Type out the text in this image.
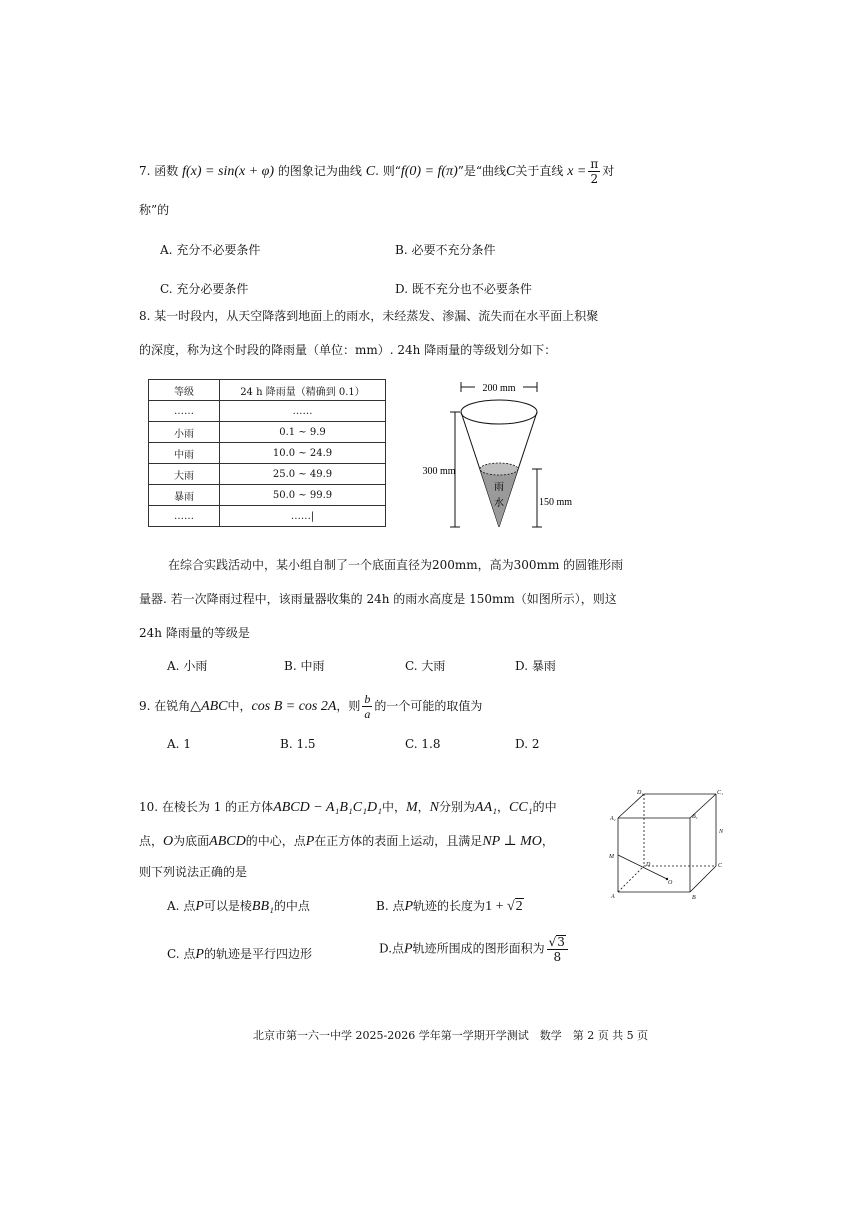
7. 函数 f(x) = sin(x + φ) 的图象记为曲线 C. 则“f(0) = f(π)”是“曲线C关于直线 $x = \frac{\pi}{2}$ 对
称”的
A. 充分不必要条件	B. 必要不充分条件
C. 充分必要条件	D. 既不充分也不必要条件
8. 某一时段内，从天空降落到地面上的雨水，未经蒸发、渗漏、流失而在水平面上积聚
的深度，称为这个时段的降雨量（单位：mm）. 24h 降雨量的等级划分如下：
等级	24 h 降雨量（精确到 0.1）
……	……
小雨	0.1 ~ 9.9
中雨	10.0 ~ 24.9
大雨	25.0 ~ 49.9
暴雨	50.0 ~ 99.9
……	……|
200 mm
雨
水
300 mm
150 mm
在综合实践活动中，某小组自制了一个底面直径为200mm，高为300mm 的圆锥形雨
量器. 若一次降雨过程中，该雨量器收集的 24h 的雨水高度是 150mm（如图所示），则这
24h 降雨量的等级是
A. 小雨	B. 中雨	C. 大雨	D. 暴雨
9. 在锐角△ABC中，cos B = cos 2A，则 $\frac{b}{a}$ 的一个可能的取值为
A. 1	B. 1.5	C. 1.8	D. 2
10. 在棱长为 1 的正方体ABCD − A₁B₁C₁D₁中，M，N分别为AA₁，CC₁的中
点，O为底面ABCD的中心，点P在正方体的表面上运动，且满足NP ⊥ MO，
则下列说法正确的是
A. 点P可以是棱BB₁的中点	B. 点P轨迹的长度为1 + √2
C. 点P的轨迹是平行四边形	D.点P轨迹所围成的图形面积为 $\frac{√3}{8}$
D₁	C₁
A₁	B₁
N
M
D	C
O
A	B
北京市第一六一中学 2025-2026 学年第一学期开学测试　数学　第 2 页 共 5 页
